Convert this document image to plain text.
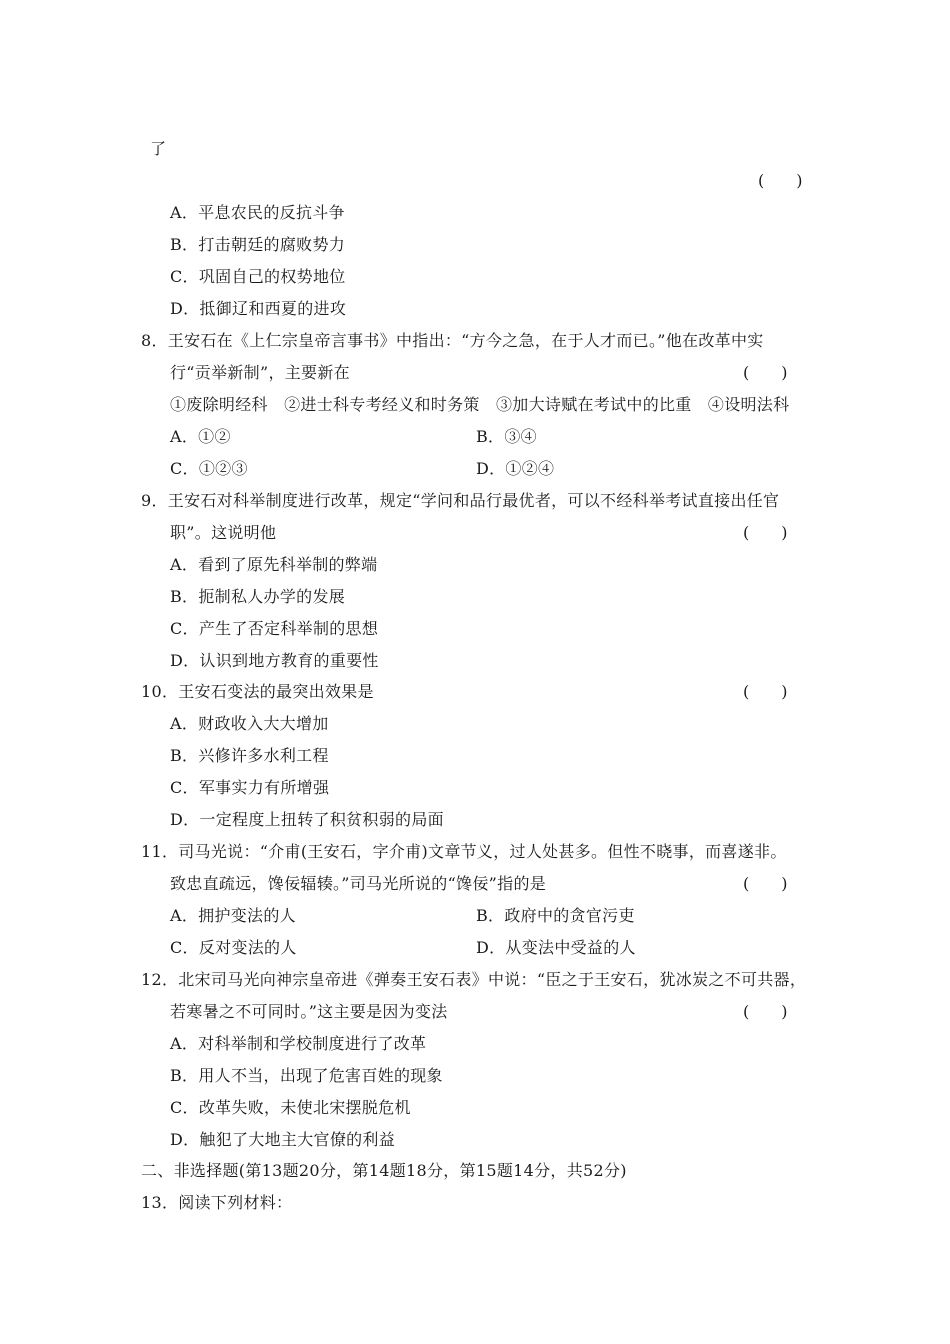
了
(　　)
A．平息农民的反抗斗争
B．打击朝廷的腐败势力
C．巩固自己的权势地位
D．抵御辽和西夏的进攻
8．王安石在《上仁宗皇帝言事书》中指出：“方今之急，在于人才而已。”他在改革中实
行“贡举新制”，主要新在	(　　)
①废除明经科　②进士科专考经义和时务策　③加大诗赋在考试中的比重　④设明法科
A．①②	B．③④
C．①②③	D．①②④
9．王安石对科举制度进行改革，规定“学问和品行最优者，可以不经科举考试直接出任官
职”。这说明他	(　　)
A．看到了原先科举制的弊端
B．扼制私人办学的发展
C．产生了否定科举制的思想
D．认识到地方教育的重要性
10．王安石变法的最突出效果是	(　　)
A．财政收入大大增加
B．兴修许多水利工程
C．军事实力有所增强
D．一定程度上扭转了积贫积弱的局面
11．司马光说：“介甫(王安石，字介甫)文章节义，过人处甚多。但性不晓事，而喜遂非。
致忠直疏远，馋佞辐辏。”司马光所说的“馋佞”指的是	(　　)
A．拥护变法的人	B．政府中的贪官污吏
C．反对变法的人	D．从变法中受益的人
12．北宋司马光向神宗皇帝进《弹奏王安石表》中说：“臣之于王安石，犹冰炭之不可共器，
若寒暑之不可同时。”这主要是因为变法	(　　)
A．对科举制和学校制度进行了改革
B．用人不当，出现了危害百姓的现象
C．改革失败，未使北宋摆脱危机
D．触犯了大地主大官僚的利益
二、非选择题(第13题20分，第14题18分，第15题14分，共52分)
13．阅读下列材料：
